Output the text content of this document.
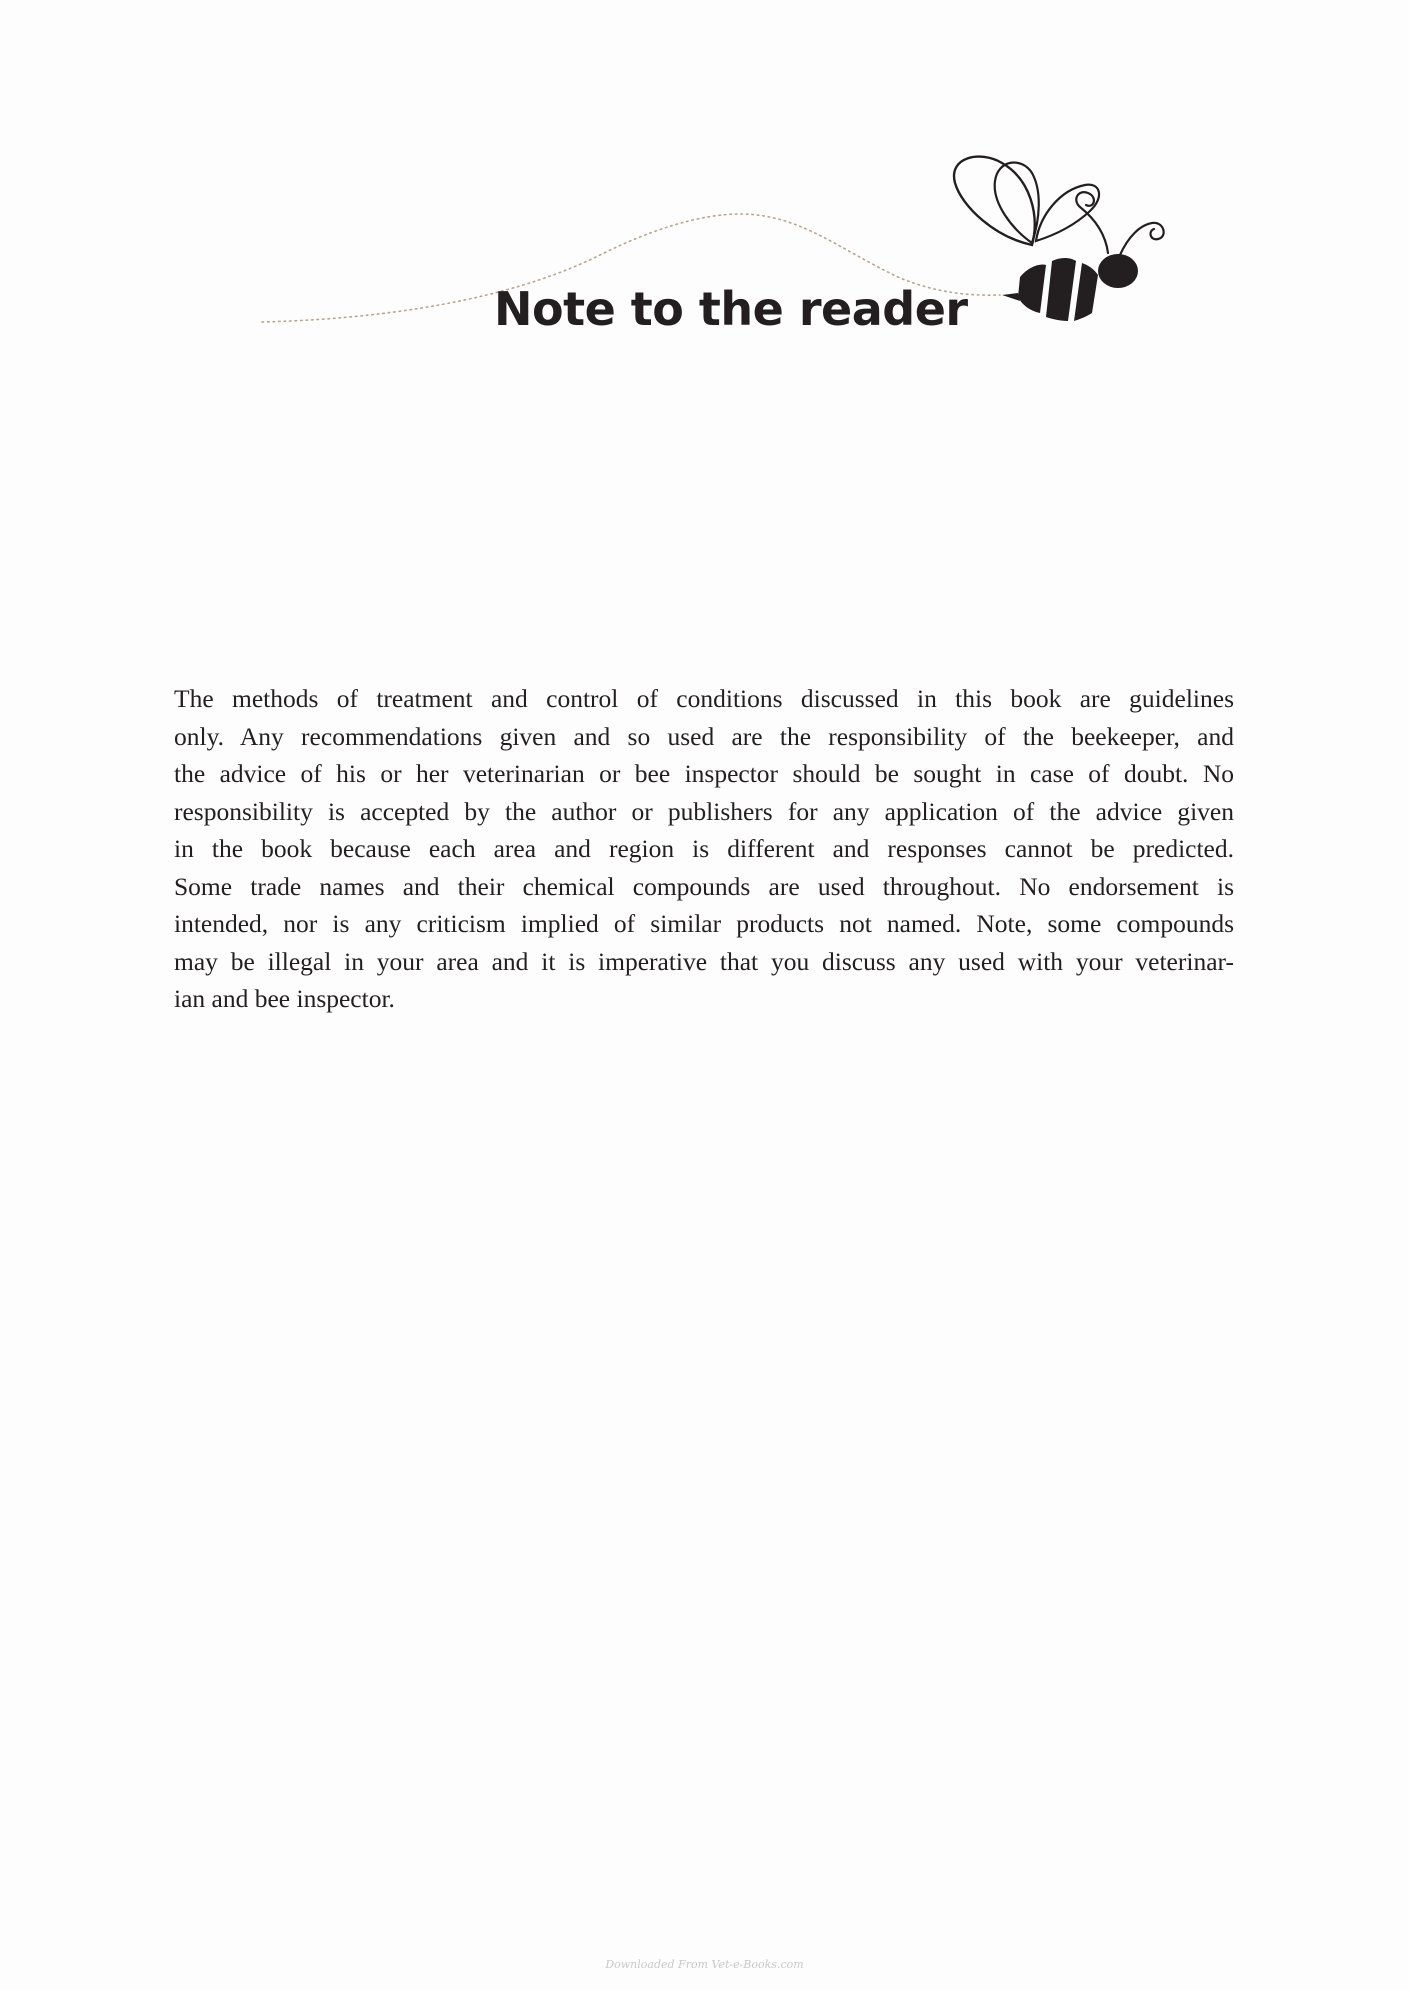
Note to the reader
The methods of treatment and control of conditions discussed in this book are guidelines
only. Any recommendations given and so used are the responsibility of the beekeeper, and
the advice of his or her veterinarian or bee inspector should be sought in case of doubt. No
responsibility is accepted by the author or publishers for any application of the advice given
in the book because each area and region is different and responses cannot be predicted.
Some trade names and their chemical compounds are used throughout. No endorsement is
intended, nor is any criticism implied of similar products not named. Note, some compounds
may be illegal in your area and it is imperative that you discuss any used with your veterinar-
ian and bee inspector.
Downloaded From Vet-e-Books.com
